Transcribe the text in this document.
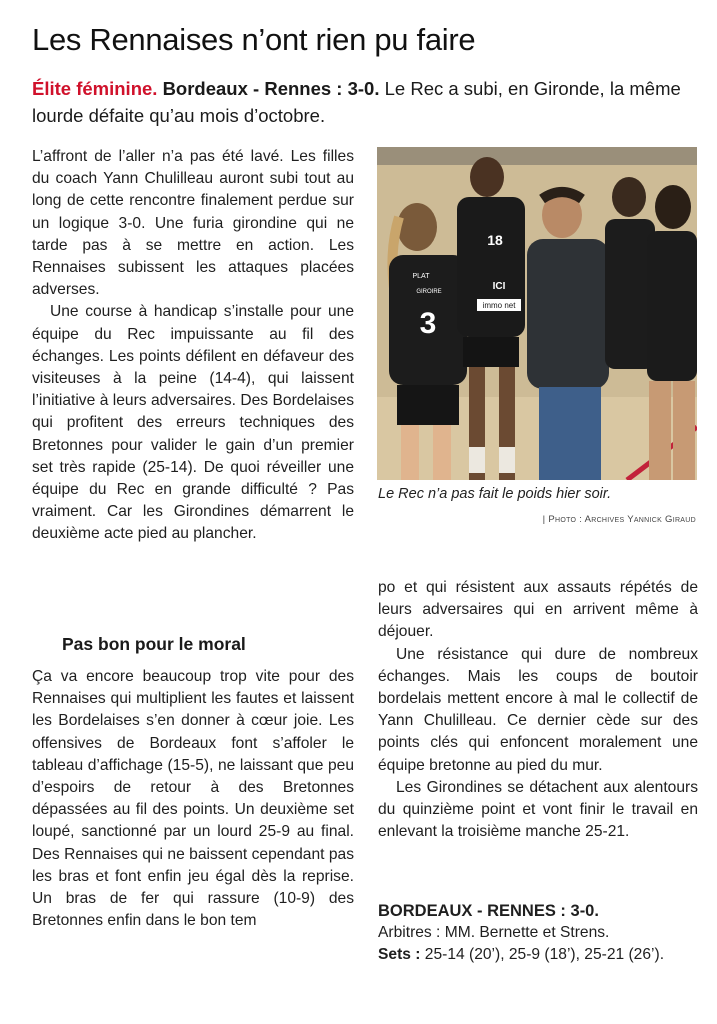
Les Rennaises n’ont rien pu faire
Élite féminine. Bordeaux - Rennes : 3-0. Le Rec a subi, en Gironde, la même lourde défaite qu’au mois d’octobre.

L’affront de l’aller n’a pas été lavé. Les filles du coach Yann Chulilleau auront subi tout au long de cette rencontre finalement perdue sur un logique 3-0. Une furia girondine qui ne tarde pas à se mettre en action. Les Rennaises subissent les attaques placées adverses.

Une course à handicap s’installe pour une équipe du Rec impuissante au fil des échanges. Les points défilent en défaveur des visiteuses à la peine (14-4), qui laissent l’initiative à leurs adversaires. Des Bordelaises qui profitent des erreurs techniques des Bretonnes pour valider le gain d’un premier set très rapide (25-14). De quoi réveiller une équipe du Rec en grande difficulté ? Pas vraiment. Car les Girondines démarrent le deuxième acte pied au plancher.

Pas bon pour le moral

Ça va encore beaucoup trop vite pour des Rennaises qui multiplient les fautes et laissent les Bordelaises s’en donner à cœur joie. Les offensives de Bordeaux font s’affoler le tableau d’affichage (15-5), ne laissant que peu d’espoirs de retour à des Bretonnes dépassées au fil des points. Un deuxième set loupé, sanctionné par un lourd 25-9 au final. Des Rennaises qui ne baissent cependant pas les bras et font enfin jeu égal dès la reprise. Un bras de fer qui rassure (10-9) des Bretonnes enfin dans le bon tem

3
PLAT
GIROIRE
18
ICI
immo net
Le Rec n’a pas fait le poids hier soir.
| Photo : Archives Yannick Giraud

po et qui résistent aux assauts répétés de leurs adversaires qui en arrivent même à déjouer.

Une résistance qui dure de nombreux échanges. Mais les coups de boutoir bordelais mettent encore à mal le collectif de Yann Chulilleau. Ce dernier cède sur des points clés qui enfoncent moralement une équipe bretonne au pied du mur.

Les Girondines se détachent aux alentours du quinzième point et vont finir le travail en enlevant la troisième manche 25-21.

BORDEAUX - RENNES : 3-0.
Arbitres : MM. Bernette et Strens.
Sets : 25-14 (20’), 25-9 (18’), 25-21 (26’).
